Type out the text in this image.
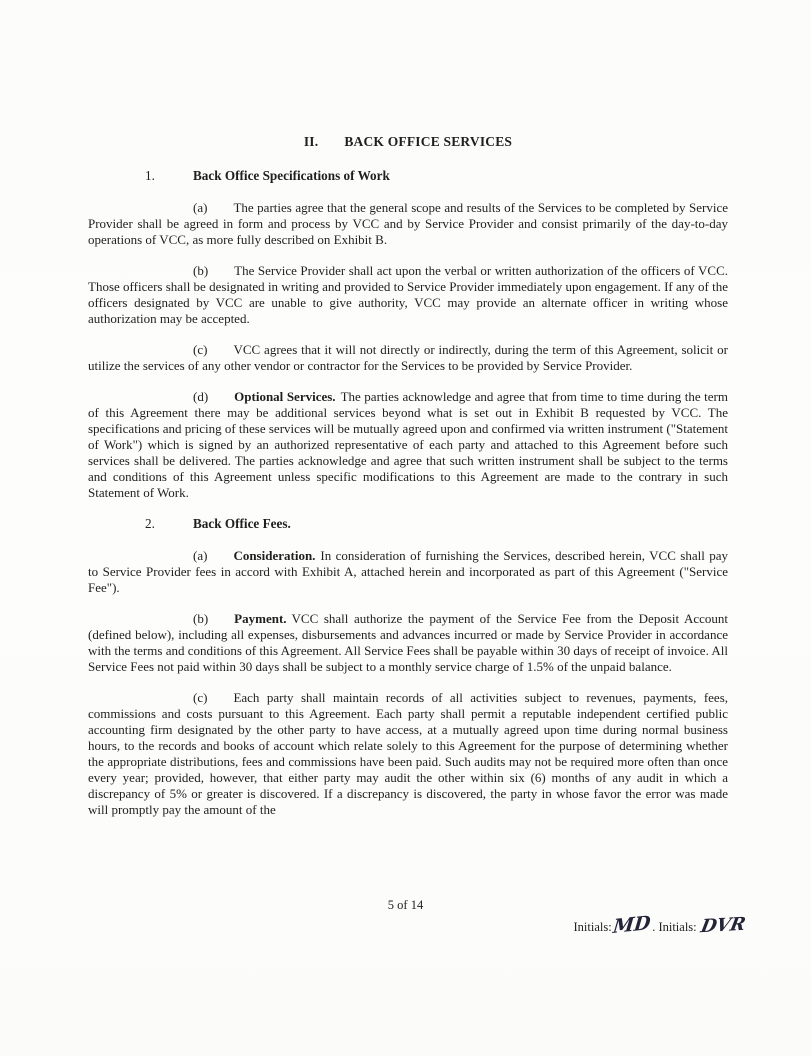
II. BACK OFFICE SERVICES
1.	Back Office Specifications of Work

(a) The parties agree that the general scope and results of the Services to be completed by Service Provider shall be agreed in form and process by VCC and by Service Provider and consist primarily of the day-to-day operations of VCC, as more fully described on Exhibit B.

(b) The Service Provider shall act upon the verbal or written authorization of the officers of VCC. Those officers shall be designated in writing and provided to Service Provider immediately upon engagement. If any of the officers designated by VCC are unable to give authority, VCC may provide an alternate officer in writing whose authorization may be accepted.

(c) VCC agrees that it will not directly or indirectly, during the term of this Agreement, solicit or utilize the services of any other vendor or contractor for the Services to be provided by Service Provider.

(d) Optional Services. The parties acknowledge and agree that from time to time during the term of this Agreement there may be additional services beyond what is set out in Exhibit B requested by VCC. The specifications and pricing of these services will be mutually agreed upon and confirmed via written instrument ("Statement of Work") which is signed by an authorized representative of each party and attached to this Agreement before such services shall be delivered. The parties acknowledge and agree that such written instrument shall be subject to the terms and conditions of this Agreement unless specific modifications to this Agreement are made to the contrary in such Statement of Work.

2.	Back Office Fees.

(a) Consideration. In consideration of furnishing the Services, described herein, VCC shall pay to Service Provider fees in accord with Exhibit A, attached herein and incorporated as part of this Agreement ("Service Fee").

(b) Payment. VCC shall authorize the payment of the Service Fee from the Deposit Account (defined below), including all expenses, disbursements and advances incurred or made by Service Provider in accordance with the terms and conditions of this Agreement. All Service Fees shall be payable within 30 days of receipt of invoice. All Service Fees not paid within 30 days shall be subject to a monthly service charge of 1.5% of the unpaid balance.

(c) Each party shall maintain records of all activities subject to revenues, payments, fees, commissions and costs pursuant to this Agreement. Each party shall permit a reputable independent certified public accounting firm designated by the other party to have access, at a mutually agreed upon time during normal business hours, to the records and books of account which relate solely to this Agreement for the purpose of determining whether the appropriate distributions, fees and commissions have been paid. Such audits may not be required more often than once every year; provided, however, that either party may audit the other within six (6) months of any audit in which a discrepancy of 5% or greater is discovered. If a discrepancy is discovered, the party in whose favor the error was made will promptly pay the amount of the

5 of 14
Initials:MD. Initials: DVR
